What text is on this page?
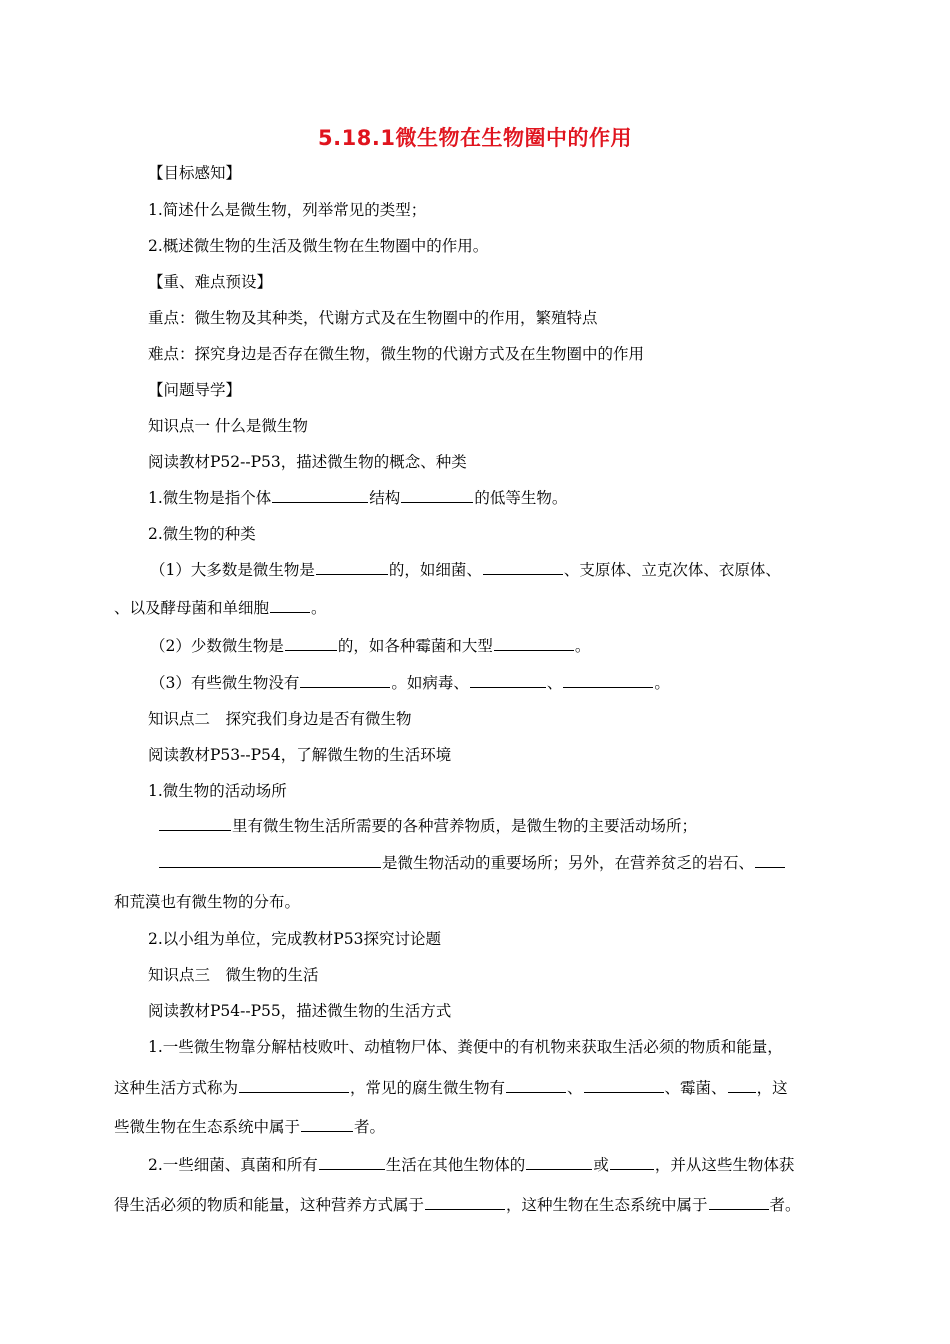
5.18.1微生物在生物圈中的作用
【目标感知】
1.简述什么是微生物，列举常见的类型；
2.概述微生物的生活及微生物在生物圈中的作用。
【重、难点预设】
重点：微生物及其种类，代谢方式及在生物圈中的作用，繁殖特点
难点：探究身边是否存在微生物，微生物的代谢方式及在生物圈中的作用
【问题导学】
知识点一 什么是微生物
阅读教材P52--P53，描述微生物的概念、种类
1.微生物是指个体	结构	的低等生物。
2.微生物的种类
（1）大多数是微生物是	的，如细菌、	、支原体、立克次体、衣原体、
、以及酵母菌和单细胞	。
（2）少数微生物是	的，如各种霉菌和大型	。
（3）有些微生物没有	。如病毒、	、	。
知识点二　探究我们身边是否有微生物
阅读教材P53--P54，了解微生物的生活环境
1.微生物的活动场所
里有微生物生活所需要的各种营养物质，是微生物的主要活动场所；
是微生物活动的重要场所；另外，在营养贫乏的岩石、
和荒漠也有微生物的分布。
2.以小组为单位，完成教材P53探究讨论题
知识点三　微生物的生活
阅读教材P54--P55，描述微生物的生活方式
1.一些微生物靠分解枯枝败叶、动植物尸体、粪便中的有机物来获取生活必须的物质和能量，
这种生活方式称为	，常见的腐生微生物有	、	、霉菌、 ，这
些微生物在生态系统中属于	者。
2.一些细菌、真菌和所有	生活在其他生物体的	或	，并从这些生物体获
得生活必须的物质和能量，这种营养方式属于	，这种生物在生态系统中属于	者。
